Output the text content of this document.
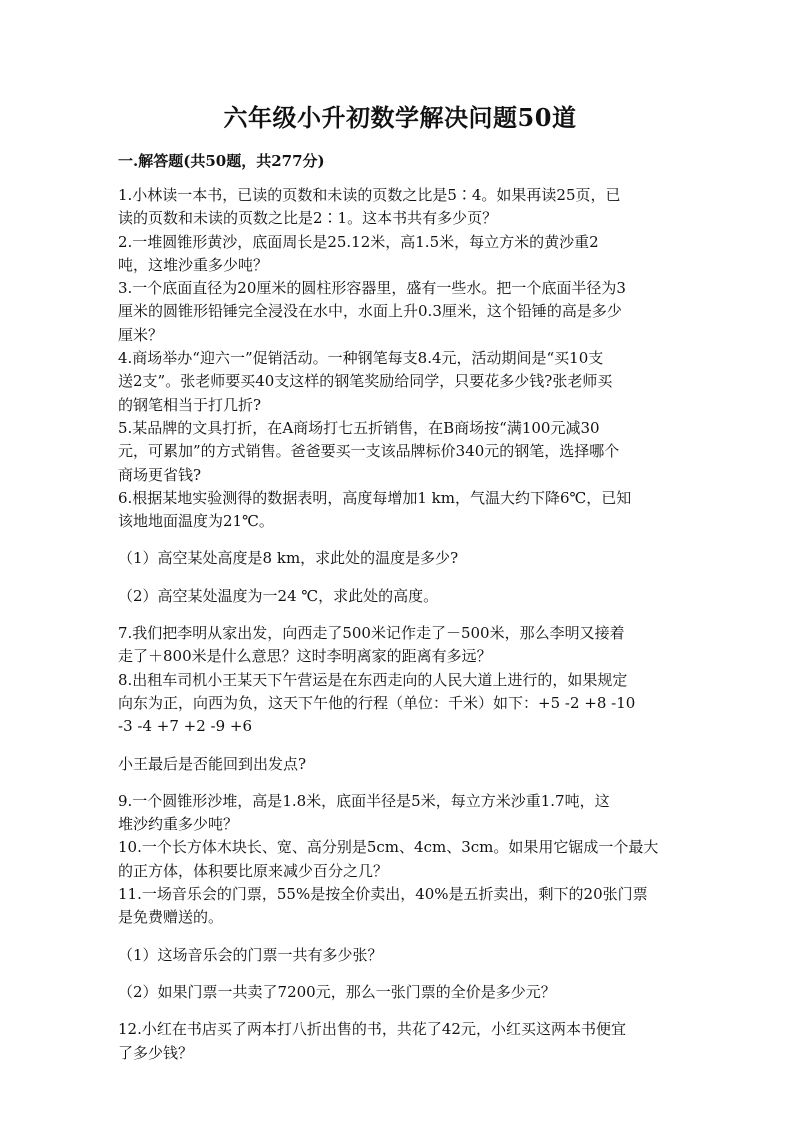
六年级小升初数学解决问题50道
一.解答题(共50题，共277分)

1.小林读一本书，已读的页数和未读的页数之比是5∶4。如果再读25页，已

读的页数和未读的页数之比是2∶1。这本书共有多少页？

2.一堆圆锥形黄沙，底面周长是25.12米，高1.5米，每立方米的黄沙重2

吨，这堆沙重多少吨？

3.一个底面直径为20厘米的圆柱形容器里，盛有一些水。把一个底面半径为3

厘米的圆锥形铅锤完全浸没在水中，水面上升0.3厘米，这个铅锤的高是多少

厘米？

4.商场举办“迎六一”促销活动。一种钢笔每支8.4元，活动期间是“买10支

送2支”。张老师要买40支这样的钢笔奖励给同学，只要花多少钱?张老师买

的钢笔相当于打几折?

5.某品牌的文具打折，在A商场打七五折销售，在B商场按“满100元减30

元，可累加”的方式销售。爸爸要买一支该品牌标价340元的钢笔，选择哪个

商场更省钱?

6.根据某地实验测得的数据表明，高度每增加1 km，气温大约下降6℃，已知

该地地面温度为21℃。

（1）高空某处高度是8 km，求此处的温度是多少?

（2）高空某处温度为一24 ℃，求此处的高度。

7.我们把李明从家出发，向西走了500米记作走了－500米，那么李明又接着

走了＋800米是什么意思？这时李明离家的距离有多远？

8.出租车司机小王某天下午营运是在东西走向的人民大道上进行的，如果规定

向东为正，向西为负，这天下午他的行程（单位：千米）如下：+5 -2 +8 -10

-3 -4 +7 +2 -9 +6

小王最后是否能回到出发点?

9.一个圆锥形沙堆，高是1.8米，底面半径是5米，每立方米沙重1.7吨，这

堆沙约重多少吨？

10.一个长方体木块长、宽、高分别是5cm、4cm、3cm。如果用它锯成一个最大

的正方体，体积要比原来减少百分之几？

11.一场音乐会的门票，55%是按全价卖出，40%是五折卖出，剩下的20张门票

是免费赠送的。

（1）这场音乐会的门票一共有多少张？

（2）如果门票一共卖了7200元，那么一张门票的全价是多少元？

12.小红在书店买了两本打八折出售的书，共花了42元，小红买这两本书便宜

了多少钱？
